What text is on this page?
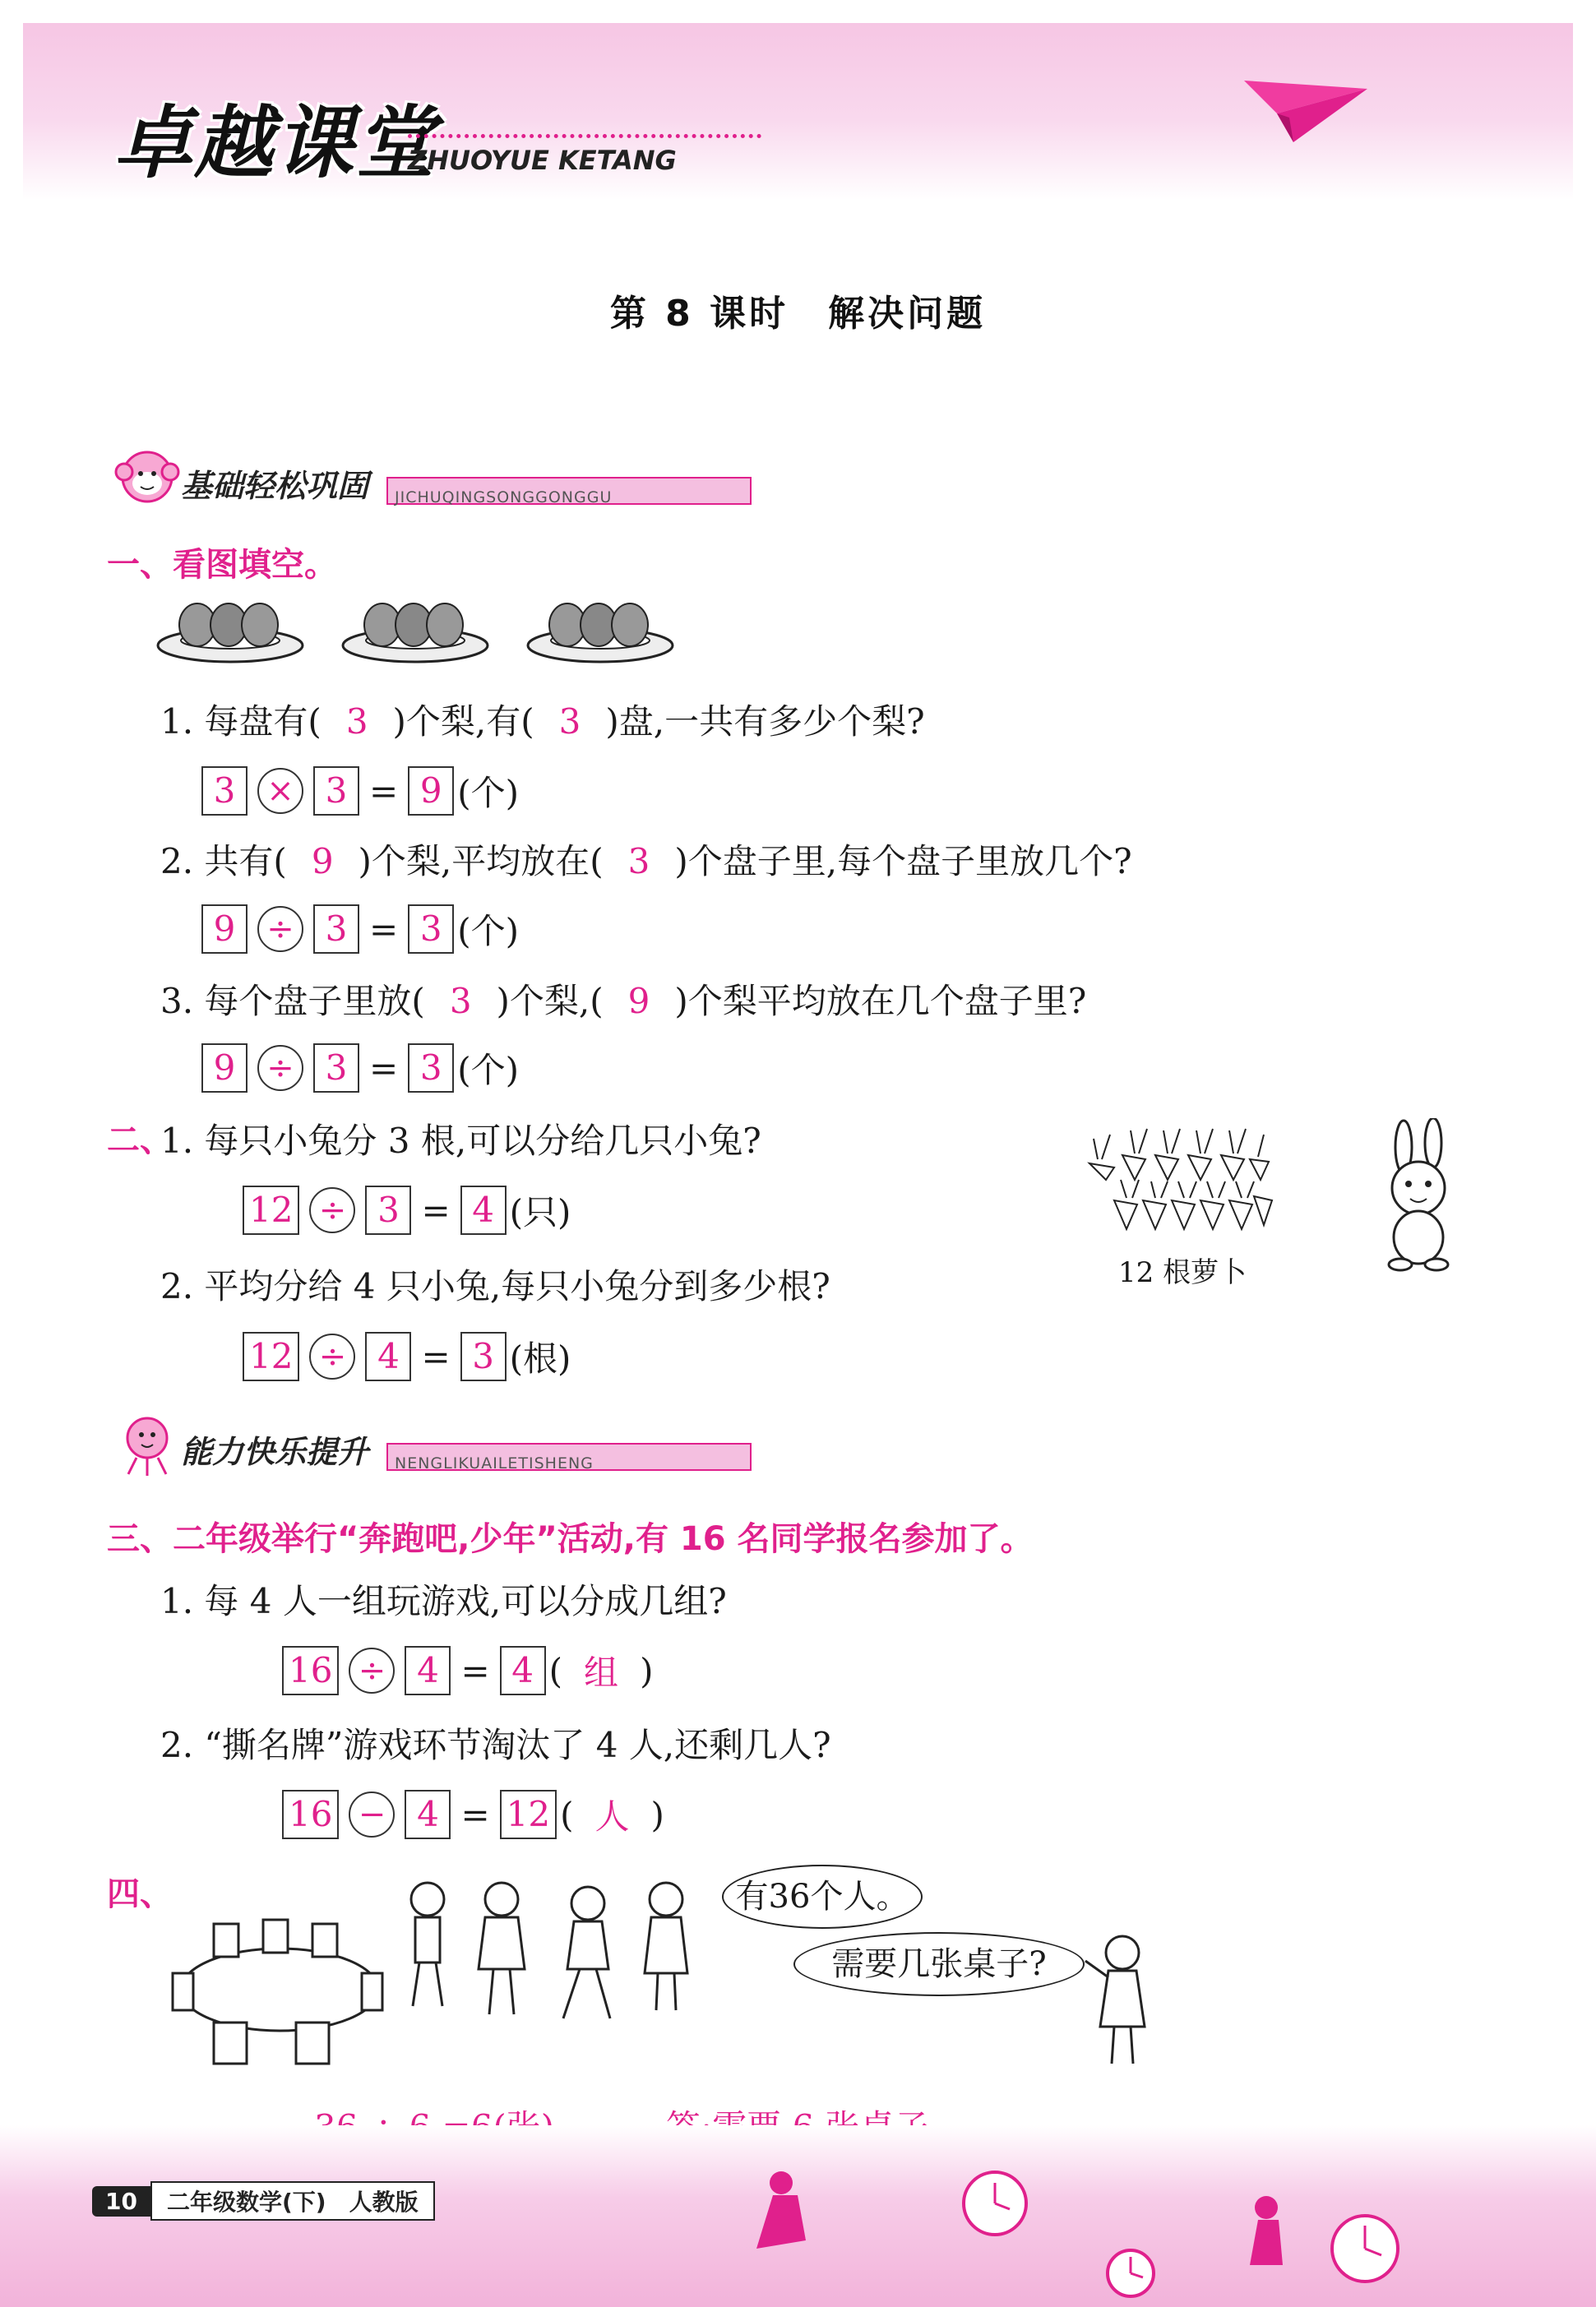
卓越课堂
ZHUOYUE KETANG
第 8 课时　解决问题
基础轻松巩固 JICHUQINGSONGGONGGU
一、看图填空。
1. 每盘有( 3 )个梨,有( 3 )盘,一共有多少个梨?
3 × 3 = 9 (个)
2. 共有( 9 )个梨,平均放在( 3 )个盘子里,每个盘子里放几个?
9 ÷ 3 = 3 (个)
3. 每个盘子里放( 3 )个梨,( 9 )个梨平均放在几个盘子里?
9 ÷ 3 = 3 (个)
二、
1. 每只小兔分 3 根,可以分给几只小兔?
12 ÷ 3 = 4 (只)
2. 平均分给 4 只小兔,每只小兔分到多少根?
12 ÷ 4 = 3 (根)
12 根萝卜
能力快乐提升 NENGLIKUAILETISHENG
三、二年级举行“奔跑吧,少年”活动,有 16 名同学报名参加了。
1. 每 4 人一组玩游戏,可以分成几组?
16 ÷ 4 = 4 ( 组 )
2. “撕名牌”游戏环节淘汰了 4 人,还剩几人?
16 − 4 = 12 ( 人 )
四、	有36个人。
需要几张桌子?
10	二年级数学(下)　人教版
